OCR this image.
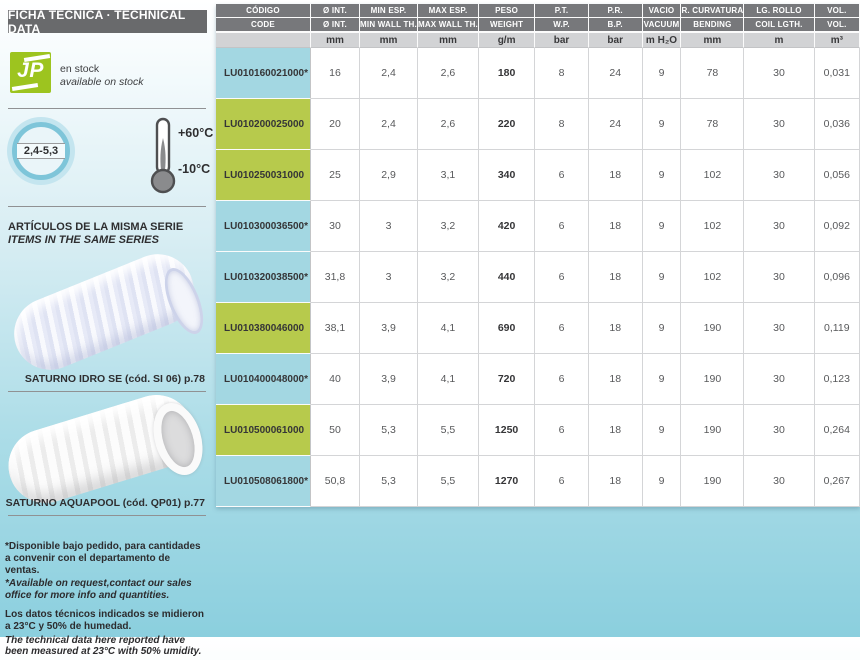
FICHA TÈCNICA · TECHNICAL DATA
JP	en stock
available on stock
2,4-5,3
+60°C
-10°C
ARTÍCULOS DE LA MISMA SERIE
ITEMS IN THE SAME SERIES
SATURNO IDRO SE (cód. SI 06) p.78
SATURNO AQUAPOOL (cód. QP01) p.77

*Disponible bajo pedido, para cantidades a convenir con el departamento de ventas.

*Available on request,contact our sales office for more info and quantities.

Los datos técnicos indicados se midieron a 23°C y 50% de humedad.

The technical data here reported have been measured at 23°C with 50% umidity.

CÓDIGO	Ø INT.	MIN ESP.	MAX ESP.	PESO	P.T.	P.R.	VACIO	R. CURVATURA	LG. ROLLO	VOL.
CODE	Ø INT.	MIN WALL TH.	MAX WALL TH.	WEIGHT	W.P.	B.P.	VACUUM	BENDING	COIL LGTH.	VOL.
	mm	mm	mm	g/m	bar	bar	m H₂O	mm	m	m³
LU010160021000*	16	2,4	2,6	180	8	24	9	78	30	0,031
LU010200025000	20	2,4	2,6	220	8	24	9	78	30	0,036
LU010250031000	25	2,9	3,1	340	6	18	9	102	30	0,056
LU010300036500*	30	3	3,2	420	6	18	9	102	30	0,092
LU010320038500*	31,8	3	3,2	440	6	18	9	102	30	0,096
LU010380046000	38,1	3,9	4,1	690	6	18	9	190	30	0,119
LU010400048000*	40	3,9	4,1	720	6	18	9	190	30	0,123
LU010500061000	50	5,3	5,5	1250	6	18	9	190	30	0,264
LU010508061800*	50,8	5,3	5,5	1270	6	18	9	190	30	0,267
